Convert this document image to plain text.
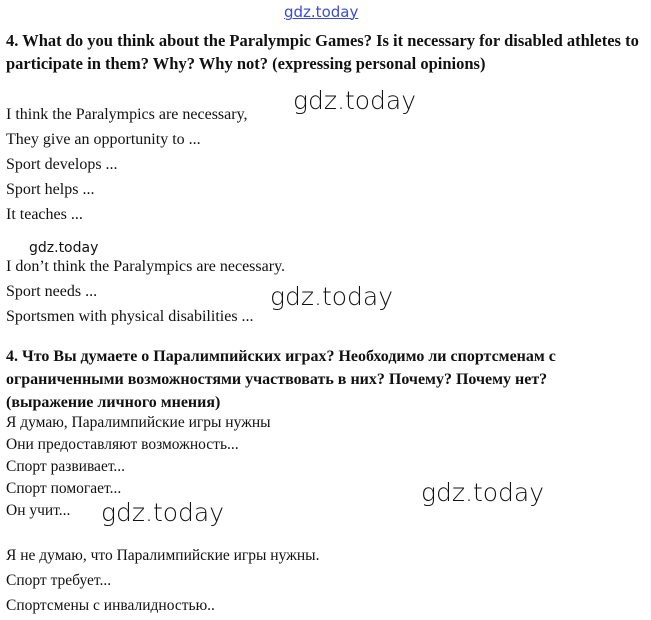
gdz.today
4. What do you think about the Paralympic Games? Is it necessary for disabled athletes to participate in them? Why? Why not? (expressing personal opinions)
I think the Paralympics are necessary,
They give an opportunity to ...
Sport develops ...
Sport helps ...
It teaches ...
I don’t think the Paralympics are necessary.
Sport needs ...
Sportsmen with physical disabilities ...
4. Что Вы думаете о Паралимпийских играх? Необходимо ли спортсменам с ограниченными возможностями участвовать в них? Почему? Почему нет? (выражение личного мнения)
Я думаю, Паралимпийские игры нужны
Они предоставляют возможность...
Спорт развивает...
Спорт помогает...
Он учит...
Я не думаю, что Паралимпийские игры нужны.
Спорт требует...
Спортсмены с инвалидностью..
gdz.today
gdz.today
gdz.today
gdz.today
gdz.today
